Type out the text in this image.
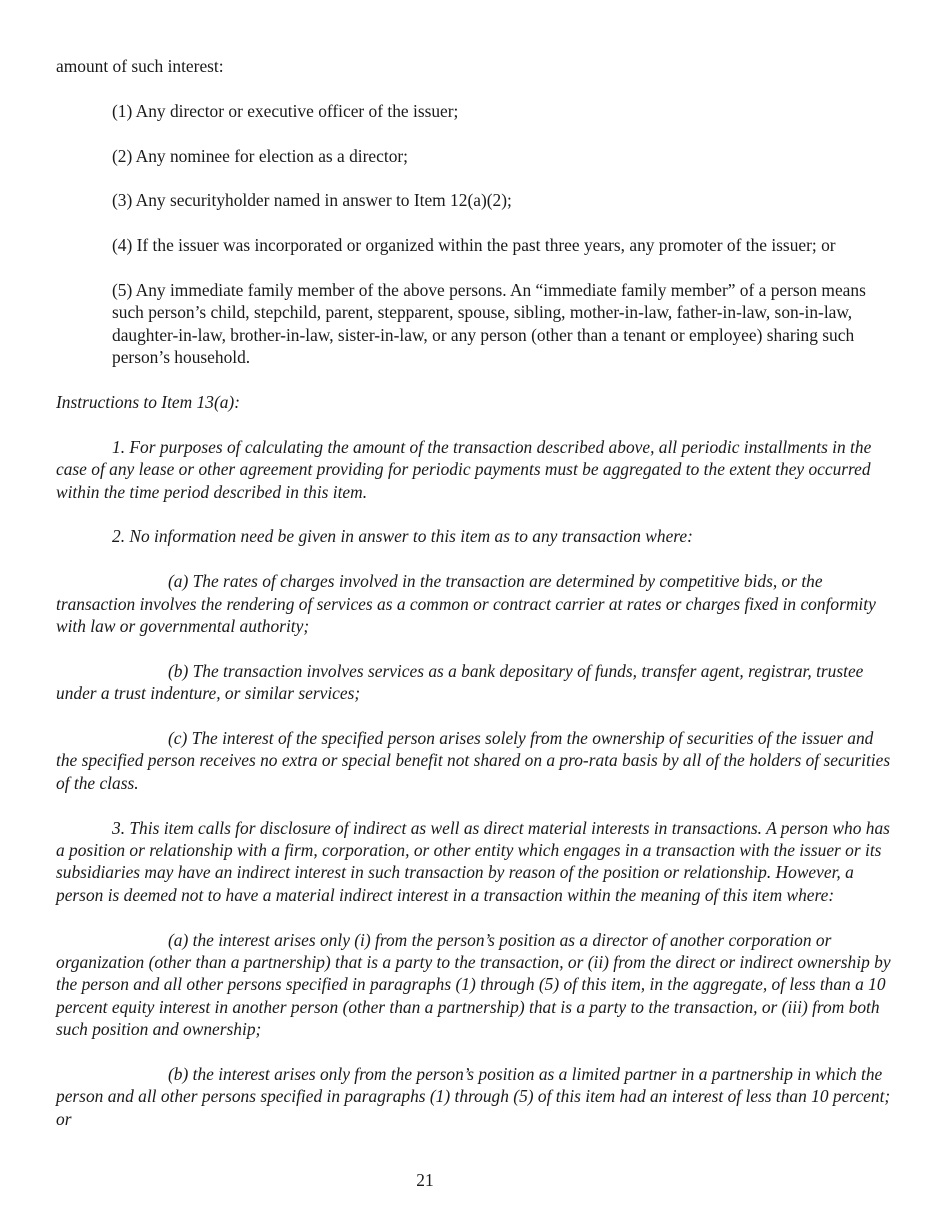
amount of such interest:

(1) Any director or executive officer of the issuer;

(2) Any nominee for election as a director;

(3) Any securityholder named in answer to Item 12(a)(2);

(4) If the issuer was incorporated or organized within the past three years, any promoter of the issuer; or

(5) Any immediate family member of the above persons. An “immediate family member” of a person means such person’s child, stepchild, parent, stepparent, spouse, sibling, mother-in-law, father-in-law, son-in-law, daughter-in-law, brother-in-law, sister-in-law, or any person (other than a tenant or employee) sharing such person’s household.

Instructions to Item 13(a):

1. For purposes of calculating the amount of the transaction described above, all periodic installments in the case of any lease or other agreement providing for periodic payments must be aggregated to the extent they occurred within the time period described in this item.

2. No information need be given in answer to this item as to any transaction where:

(a) The rates of charges involved in the transaction are determined by competitive bids, or the transaction involves the rendering of services as a common or contract carrier at rates or charges fixed in conformity with law or governmental authority;

(b) The transaction involves services as a bank depositary of funds, transfer agent, registrar, trustee under a trust indenture, or similar services;

(c) The interest of the specified person arises solely from the ownership of securities of the issuer and the specified person receives no extra or special benefit not shared on a pro-rata basis by all of the holders of securities of the class.

3. This item calls for disclosure of indirect as well as direct material interests in transactions. A person who has a position or relationship with a firm, corporation, or other entity which engages in a transaction with the issuer or its subsidiaries may have an indirect interest in such transaction by reason of the position or relationship. However, a person is deemed not to have a material indirect interest in a transaction within the meaning of this item where:

(a) the interest arises only (i) from the person’s position as a director of another corporation or organization (other than a partnership) that is a party to the transaction, or (ii) from the direct or indirect ownership by the person and all other persons specified in paragraphs (1) through (5) of this item, in the aggregate, of less than a 10 percent equity interest in another person (other than a partnership) that is a party to the transaction, or (iii) from both such position and ownership;

(b) the interest arises only from the person’s position as a limited partner in a partnership in which the person and all other persons specified in paragraphs (1) through (5) of this item had an interest of less than 10 percent; or

21
